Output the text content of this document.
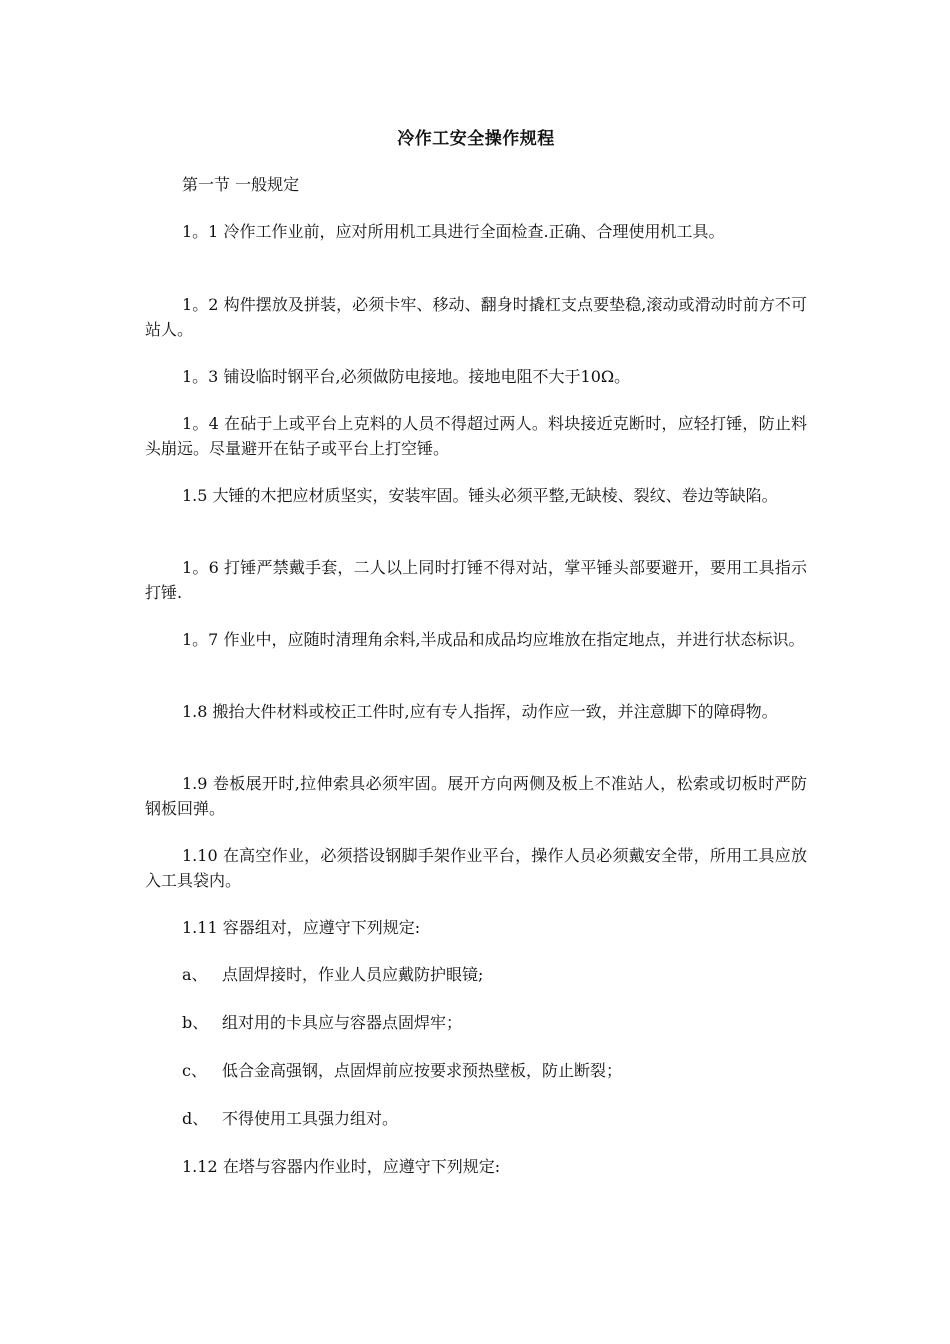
冷作工安全操作规程
第一节 一般规定
1。1 冷作工作业前，应对所用机工具进行全面检查.正确、合理使用机工具。
1。2 构件摆放及拼装，必须卡牢、移动、翻身时撬杠支点要垫稳,滚动或滑动时前方不可站人。
1。3 铺设临时钢平台,必须做防电接地。接地电阻不大于10Ω。
1。4 在砧于上或平台上克料的人员不得超过两人。料块接近克断时，应轻打锤，防止料头崩远。尽量避开在钻子或平台上打空锤。
1.5 大锤的木把应材质坚实，安装牢固。锤头必须平整,无缺棱、裂纹、卷边等缺陷。
1。6 打锤严禁戴手套，二人以上同时打锤不得对站，掌平锤头部要避开，要用工具指示打锤.
1。7 作业中，应随时清理角余料,半成品和成品均应堆放在指定地点，并进行状态标识。
1.8 搬抬大件材料或校正工件时,应有专人指挥，动作应一致，并注意脚下的障碍物。
1.9 卷板展开时,拉伸索具必须牢固。展开方向两侧及板上不准站人，松索或切板时严防钢板回弹。
1.10 在高空作业，必须搭设钢脚手架作业平台，操作人员必须戴安全带，所用工具应放入工具袋内。
1.11 容器组对，应遵守下列规定:
a、 点固焊接时，作业人员应戴防护眼镜;
b、 组对用的卡具应与容器点固焊牢；
c、 低合金高强钢，点固焊前应按要求预热壁板，防止断裂；
d、 不得使用工具强力组对。
1.12 在塔与容器内作业时，应遵守下列规定:
